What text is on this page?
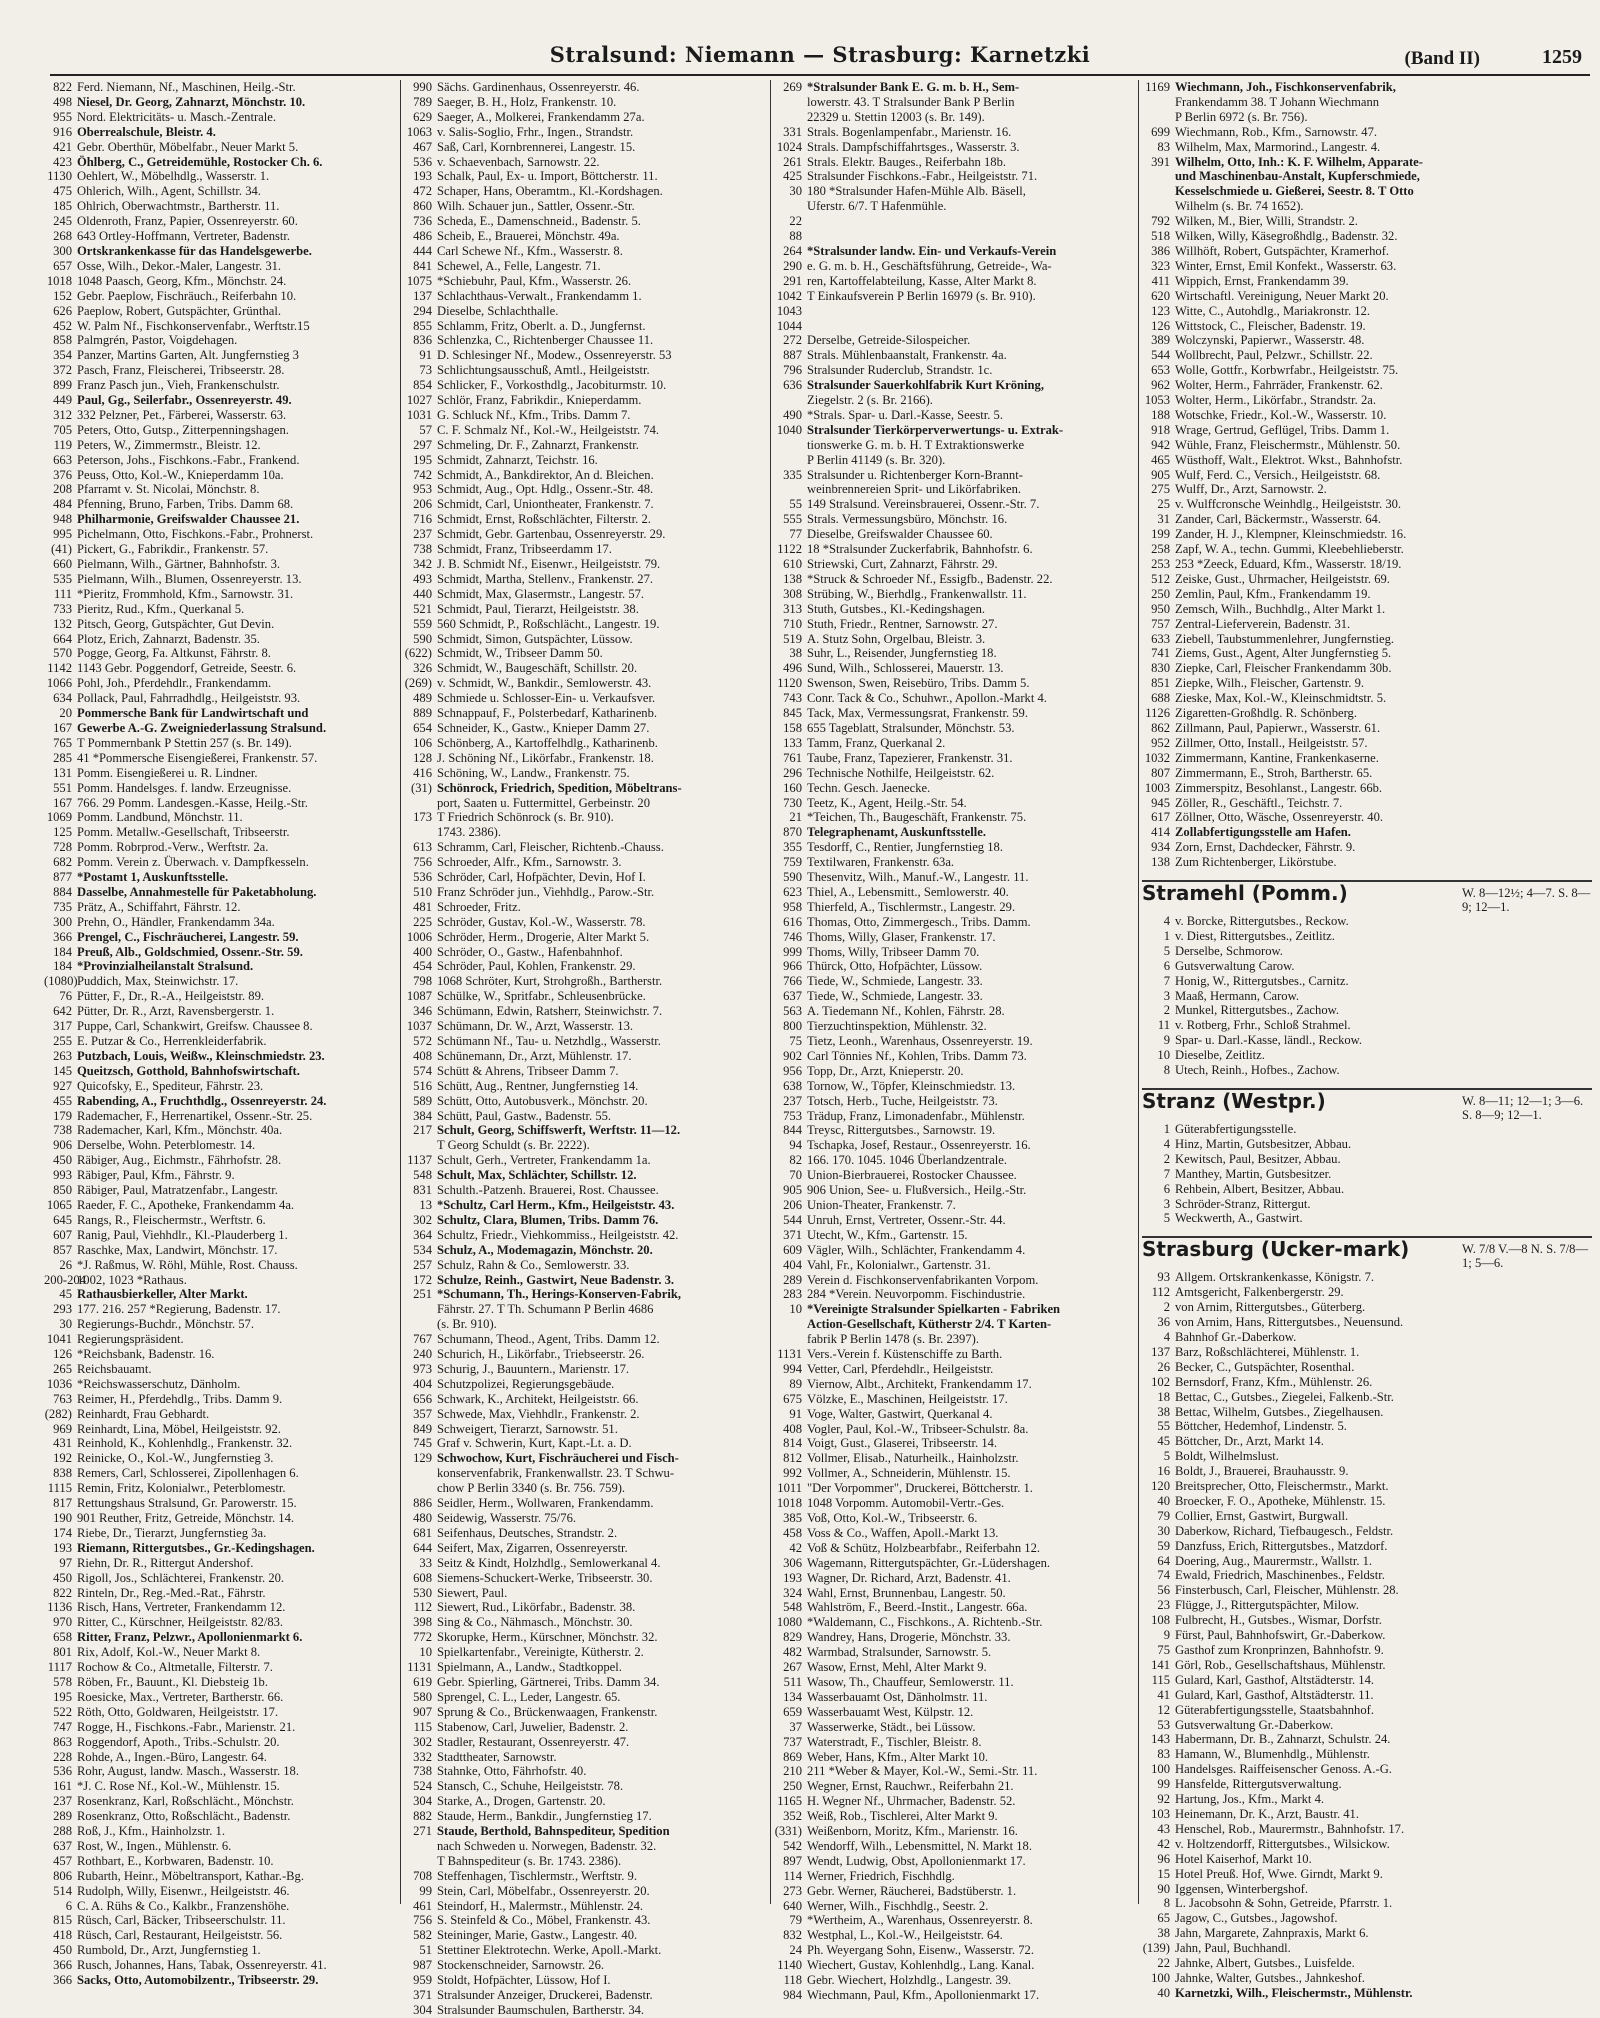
Stralsund: Niemann — Strasburg: Karnetzki	(Band II)	1259
822 Ferd. Niemann, Nf., Maschinen, Heilg.-Str.
498 Niesel, Dr. Georg, Zahnarzt, Mönchstr. 10.
955 Nord. Elektricitäts- u. Masch.-Zentrale.
916 Oberrealschule, Bleistr. 4.
421 Gebr. Oberthür, Möbelfabr., Neuer Markt 5.
423 Öhlberg, C., Getreidemühle, Rostocker Ch. 6.
1130 Oehlert, W., Möbelhdlg., Wasserstr. 1.
475 Ohlerich, Wilh., Agent, Schillstr. 34.
185 Ohlrich, Oberwachtmstr., Bartherstr. 11.
245 Oldenroth, Franz, Papier, Ossenreyerstr. 60.
268 643 Ortley-Hoffmann, Vertreter, Badenstr.
300 Ortskrankenkasse für das Handelsgewerbe.
657 Osse, Wilh., Dekor.-Maler, Langestr. 31.
1018 1048 Paasch, Georg, Kfm., Mönchstr. 24.
152 Gebr. Paeplow, Fischräuch., Reiferbahn 10.
626 Paeplow, Robert, Gutspächter, Grünthal.
452 W. Palm Nf., Fischkonservenfabr., Werftstr.15
858 Palmgrén, Pastor, Voigdehagen.
354 Panzer, Martins Garten, Alt. Jungfernstieg 3
372 Pasch, Franz, Fleischerei, Tribseerstr. 28.
899 Franz Pasch jun., Vieh, Frankenschulstr.
449 Paul, Gg., Seilerfabr., Ossenreyerstr. 49.
312 332 Pelzner, Pet., Färberei, Wasserstr. 63.
705 Peters, Otto, Gutsp., Zitterpenningshagen.
119 Peters, W., Zimmermstr., Bleistr. 12.
663 Peterson, Johs., Fischkons.-Fabr., Frankend.
376 Peuss, Otto, Kol.-W., Knieperdamm 10a.
208 Pfarramt v. St. Nicolai, Mönchstr. 8.
484 Pfenning, Bruno, Farben, Tribs. Damm 68.
948 Philharmonie, Greifswalder Chaussee 21.
995 Pichelmann, Otto, Fischkons.-Fabr., Prohnerst.
(41) Pickert, G., Fabrikdir., Frankenstr. 57.
660 Pielmann, Wilh., Gärtner, Bahnhofstr. 3.
535 Pielmann, Wilh., Blumen, Ossenreyerstr. 13.
111 *Pieritz, Frommhold, Kfm., Sarnowstr. 31.
733 Pieritz, Rud., Kfm., Querkanal 5.
132 Pitsch, Georg, Gutspächter, Gut Devin.
664 Plotz, Erich, Zahnarzt, Badenstr. 35.
570 Pogge, Georg, Fa. Altkunst, Fährstr. 8.
1142 1143 Gebr. Poggendorf, Getreide, Seestr. 6.
1066 Pohl, Joh., Pferdehdlr., Frankendamm.
634 Pollack, Paul, Fahrradhdlg., Heilgeiststr. 93.
20 Pommersche Bank für Landwirtschaft und
167 Gewerbe A.-G. Zweigniederlassung Stralsund.
765 T Pommernbank P Stettin 257 (s. Br. 149).
285 41 *Pommersche Eisengießerei, Frankenstr. 57.
131 Pomm. Eisengießerei u. R. Lindner.
551 Pomm. Handelsges. f. landw. Erzeugnisse.
167 766. 29 Pomm. Landesgen.-Kasse, Heilg.-Str.
1069 Pomm. Landbund, Mönchstr. 11.
125 Pomm. Metallw.-Gesellschaft, Tribseerstr.
728 Pomm. Robrprod.-Verw., Werftstr. 2a.
682 Pomm. Verein z. Überwach. v. Dampfkesseln.
877 *Postamt 1, Auskunftsstelle.
884 Dasselbe, Annahmestelle für Paketabholung.
735 Prätz, A., Schiffahrt, Fährstr. 12.
300 Prehn, O., Händler, Frankendamm 34a.
366 Prengel, C., Fischräucherei, Langestr. 59.
184 Preuß, Alb., Goldschmied, Ossenr.-Str. 59.
184 *Provinzialheilanstalt Stralsund.
(1080) Puddich, Max, Steinwichstr. 17.
76 Pütter, F., Dr., R.-A., Heilgeiststr. 89.
642 Pütter, Dr. R., Arzt, Ravensbergerstr. 1.
317 Puppe, Carl, Schankwirt, Greifsw. Chaussee 8.
255 E. Putzar & Co., Herrenkleiderfabrik.
263 Putzbach, Louis, Weißw., Kleinschmiedstr. 23.
145 Queitzsch, Gotthold, Bahnhofswirtschaft.
927 Quicofsky, E., Spediteur, Fährstr. 23.
455 Rabending, A., Fruchthdlg., Ossenreyerstr. 24.
179 Rademacher, F., Herrenartikel, Ossenr.-Str. 25.
738 Rademacher, Karl, Kfm., Mönchstr. 40a.
906 Derselbe, Wohn. Peterblomestr. 14.
450 Räbiger, Aug., Eichmstr., Fährhofstr. 28.
993 Räbiger, Paul, Kfm., Fährstr. 9.
850 Räbiger, Paul, Matratzenfabr., Langestr.
1065 Raeder, F. C., Apotheke, Frankendamm 4a.
645 Rangs, R., Fleischermstr., Werftstr. 6.
607 Ranig, Paul, Viehhdlr., Kl.-Plauderberg 1.
857 Raschke, Max, Landwirt, Mönchstr. 17.
26 *J. Raßmus, W. Röhl, Mühle, Rost. Chauss.
200-204
1002, 1023 *Rathaus.
45 Rathausbierkeller, Alter Markt.
293 177. 216. 257 *Regierung, Badenstr. 17.
30 Regierungs-Buchdr., Mönchstr. 57.
1041 Regierungspräsident.
126 *Reichsbank, Badenstr. 16.
265 Reichsbauamt.
1036 *Reichswasserschutz, Dänholm.
763 Reimer, H., Pferdehdlg., Tribs. Damm 9.
(282) Reinhardt, Frau Gebhardt.
969 Reinhardt, Lina, Möbel, Heilgeiststr. 92.
431 Reinhold, K., Kohlenhdlg., Frankenstr. 32.
192 Reinicke, O., Kol.-W., Jungfernstieg 3.
838 Remers, Carl, Schlosserei, Zipollenhagen 6.
1115 Remin, Fritz, Kolonialwr., Peterblomestr.
817 Rettungshaus Stralsund, Gr. Parowerstr. 15.
190 901 Reuther, Fritz, Getreide, Mönchstr. 14.
174 Riebe, Dr., Tierarzt, Jungfernstieg 3a.
193 Riemann, Rittergutsbes., Gr.-Kedingshagen.
97 Riehn, Dr. R., Rittergut Andershof.
450 Rigoll, Jos., Schlächterei, Frankenstr. 20.
822 Rinteln, Dr., Reg.-Med.-Rat., Fährstr.
1136 Risch, Hans, Vertreter, Frankendamm 12.
970 Ritter, C., Kürschner, Heilgeiststr. 82/83.
658 Ritter, Franz, Pelzwr., Apollonienmarkt 6.
801 Rix, Adolf, Kol.-W., Neuer Markt 8.
1117 Rochow & Co., Altmetalle, Filterstr. 7.
578 Röben, Fr., Bauunt., Kl. Diebsteig 1b.
195 Roesicke, Max., Vertreter, Bartherstr. 66.
522 Röth, Otto, Goldwaren, Heilgeiststr. 17.
747 Rogge, H., Fischkons.-Fabr., Marienstr. 21.
863 Roggendorf, Apoth., Tribs.-Schulstr. 20.
228 Rohde, A., Ingen.-Büro, Langestr. 64.
536 Rohr, August, landw. Masch., Wasserstr. 18.
161 *J. C. Rose Nf., Kol.-W., Mühlenstr. 15.
237 Rosenkranz, Karl, Roßschlächt., Mönchstr.
289 Rosenkranz, Otto, Roßschlächt., Badenstr.
288 Roß, J., Kfm., Hainholzstr. 1.
637 Rost, W., Ingen., Mühlenstr. 6.
457 Rothbart, E., Korbwaren, Badenstr. 10.
806 Rubarth, Heinr., Möbeltransport, Kathar.-Bg.
514 Rudolph, Willy, Eisenwr., Heilgeiststr. 46.
6 C. A. Rühs & Co., Kalkbr., Franzenshöhe.
815 Rüsch, Carl, Bäcker, Tribseerschulstr. 11.
418 Rüsch, Carl, Restaurant, Heilgeiststr. 56.
450 Rumbold, Dr., Arzt, Jungfernstieg 1.
366 Rusch, Johannes, Hans, Tabak, Ossenreyerstr. 41.
366 Sacks, Otto, Automobilzentr., Tribseerstr. 29.
990 Sächs. Gardinenhaus, Ossenreyerstr. 46.
789 Saeger, B. H., Holz, Frankenstr. 10.
629 Saeger, A., Molkerei, Frankendamm 27a.
1063 v. Salis-Soglio, Frhr., Ingen., Strandstr.
467 Saß, Carl, Kornbrennerei, Langestr. 15.
536 v. Schaevenbach, Sarnowstr. 22.
193 Schalk, Paul, Ex- u. Import, Böttcherstr. 11.
472 Schaper, Hans, Oberamtm., Kl.-Kordshagen.
860 Wilh. Schauer jun., Sattler, Ossenr.-Str.
736 Scheda, E., Damenschneid., Badenstr. 5.
486 Scheib, E., Brauerei, Mönchstr. 49a.
444 Carl Schewe Nf., Kfm., Wasserstr. 8.
841 Schewel, A., Felle, Langestr. 71.
1075 *Schiebuhr, Paul, Kfm., Wasserstr. 26.
137 Schlachthaus-Verwalt., Frankendamm 1.
294 Dieselbe, Schlachthalle.
855 Schlamm, Fritz, Oberlt. a. D., Jungfernst.
836 Schlenzka, C., Richtenberger Chaussee 11.
91 D. Schlesinger Nf., Modew., Ossenreyerstr. 53
73 Schlichtungsausschuß, Amtl., Heilgeiststr.
854 Schlicker, F., Vorkosthdlg., Jacobiturmstr. 10.
1027 Schlör, Franz, Fabrikdir., Knieperdamm.
1031 G. Schluck Nf., Kfm., Tribs. Damm 7.
57 C. F. Schmalz Nf., Kol.-W., Heilgeiststr. 74.
297 Schmeling, Dr. F., Zahnarzt, Frankenstr.
195 Schmidt, Zahnarzt, Teichstr. 16.
742 Schmidt, A., Bankdirektor, An d. Bleichen.
953 Schmidt, Aug., Opt. Hdlg., Ossenr.-Str. 48.
206 Schmidt, Carl, Unionthеater, Frankenstr. 7.
716 Schmidt, Ernst, Roßschlächter, Filterstr. 2.
237 Schmidt, Gebr. Gartenbau, Ossenreyerstr. 29.
738 Schmidt, Franz, Tribseerdamm 17.
342 J. B. Schmidt Nf., Eisenwr., Heilgeiststr. 79.
493 Schmidt, Martha, Stellenv., Frankenstr. 27.
440 Schmidt, Max, Glasermstr., Langestr. 57.
521 Schmidt, Paul, Tierarzt, Heilgeiststr. 38.
559 560 Schmidt, P., Roßschlächt., Langestr. 19.
590 Schmidt, Simon, Gutspächter, Lüssow.
(622) Schmidt, W., Tribseer Damm 50.
326 Schmidt, W., Baugeschäft, Schillstr. 20.
(269) v. Schmidt, W., Bankdir., Semlowerstr. 43.
489 Schmiede u. Schlosser-Ein- u. Verkaufsver.
889 Schnappauf, F., Polsterbedarf, Katharinenb.
654 Schneider, K., Gastw., Knieper Damm 27.
106 Schönberg, A., Kartoffelhdlg., Katharinenb.
128 J. Schöning Nf., Likörfabr., Frankenstr. 18.
416 Schöning, W., Landw., Frankenstr. 75.
(31) Schönrock, Friedrich, Spedition, Möbeltrans-
port, Saaten u. Futtermittel, Gerbeinstr. 20
173 T Friedrich Schönrock (s. Br. 910).
1743. 2386).
613 Schramm, Carl, Fleischer, Richtenb.-Chauss.
756 Schroeder, Alfr., Kfm., Sarnowstr. 3.
536 Schröder, Carl, Hofpächter, Devin, Hof I.
510 Franz Schröder jun., Viehhdlg., Parow.-Str.
481 Schroeder, Fritz.
225 Schröder, Gustav, Kol.-W., Wasserstr. 78.
1006 Schröder, Herm., Drogerie, Alter Markt 5.
400 Schröder, O., Gastw., Hafenbahnhof.
454 Schröder, Paul, Kohlen, Frankenstr. 29.
798 1068 Schröter, Kurt, Strohgroßh., Bartherstr.
1087 Schülke, W., Spritfabr., Schleusenbrücke.
346 Schümann, Edwin, Ratsherr, Steinwichstr. 7.
1037 Schümann, Dr. W., Arzt, Wasserstr. 13.
572 Schümann Nf., Tau- u. Netzhdlg., Wasserstr.
408 Schünemann, Dr., Arzt, Mühlenstr. 17.
574 Schütt & Ahrens, Tribseer Damm 7.
516 Schütt, Aug., Rentner, Jungfernstieg 14.
589 Schütt, Otto, Autobusverk., Mönchstr. 20.
384 Schütt, Paul, Gastw., Badenstr. 55.
217 Schult, Georg, Schiffswerft, Werftstr. 11—12.
T Georg Schuldt (s. Br. 2222).
1137 Schult, Gerh., Vertreter, Frankendamm 1a.
548 Schult, Max, Schlächter, Schillstr. 12.
831 Schulth.-Patzenh. Brauerei, Rost. Chaussee.
13 *Schultz, Carl Herm., Kfm., Heilgeiststr. 43.
302 Schultz, Clara, Blumen, Tribs. Damm 76.
364 Schultz, Friedr., Viehkommiss., Heilgeiststr. 42.
534 Schulz, A., Modemagazin, Mönchstr. 20.
257 Schulz, Rahn & Co., Semlowerstr. 33.
172 Schulze, Reinh., Gastwirt, Neue Badenstr. 3.
251 *Schumann, Th., Herings-Konserven-Fabrik,
Fährstr. 27. T Th. Schumann P Berlin 4686
(s. Br. 910).
767 Schumann, Theod., Agent, Tribs. Damm 12.
240 Schurich, H., Likörfabr., Triebseerstr. 26.
973 Schurig, J., Bauuntern., Marienstr. 17.
404 Schutzpolizei, Regierungsgebäude.
656 Schwark, K., Architekt, Heilgeiststr. 66.
357 Schwede, Max, Viehhdlr., Frankenstr. 2.
849 Schweigert, Tierarzt, Sarnowstr. 51.
745 Graf v. Schwerin, Kurt, Kapt.-Lt. a. D.
129 Schwochow, Kurt, Fischräucherei und Fisch-
konservenfabrik, Frankenwallstr. 23. T Schwu-
chow P Berlin 3340 (s. Br. 756. 759).
886 Seidler, Herm., Wollwaren, Frankendamm.
480 Seidewig, Wasserstr. 75/76.
681 Seifenhaus, Deutsches, Strandstr. 2.
644 Seifert, Max, Zigarren, Ossenreyerstr.
33 Seitz & Kindt, Holzhdlg., Semlowerkanal 4.
608 Siemens-Schuckert-Werke, Tribseerstr. 30.
530 Siewert, Paul.
112 Siewert, Rud., Likörfabr., Badenstr. 38.
398 Sing & Co., Nähmasch., Mönchstr. 30.
772 Skorupke, Herm., Kürschner, Mönchstr. 32.
10 Spielkartenfabr., Vereinigte, Kütherstr. 2.
1131 Spielmann, A., Landw., Stadtkoppel.
619 Gebr. Spierling, Gärtnerei, Tribs. Damm 34.
580 Sprengel, C. L., Leder, Langestr. 65.
907 Sprung & Co., Brückenwaagen, Frankenstr.
115 Stabenow, Carl, Juwelier, Badenstr. 2.
302 Stadler, Restaurant, Ossenreyerstr. 47.
332 Stadttheater, Sarnowstr.
738 Stahnke, Otto, Fährhofstr. 40.
524 Stansch, C., Schuhe, Heilgeiststr. 78.
304 Starke, A., Drogen, Gartenstr. 20.
882 Staude, Herm., Bankdir., Jungfernstieg 17.
271 Staude, Berthold, Bahnspediteur, Spedition
nach Schweden u. Norwegen, Badenstr. 32.
T Bahnspediteur (s. Br. 1743. 2386).
708 Steffenhagen, Tischlermstr., Werftstr. 9.
99 Stein, Carl, Möbelfabr., Ossenreyerstr. 20.
461 Steindorf, H., Malermstr., Mühlenstr. 24.
756 S. Steinfeld & Co., Möbel, Frankenstr. 43.
582 Steininger, Marie, Gastw., Langestr. 40.
51 Stettiner Elektrotechn. Werke, Apoll.-Markt.
987 Stockenschneider, Sarnowstr. 26.
959 Stoldt, Hofpächter, Lüssow, Hof I.
371 Stralsunder Anzeiger, Druckerei, Badenstr.
304 Stralsunder Baumschulen, Bartherstr. 34.
269 *Stralsunder Bank E. G. m. b. H., Sem-
lowerstr. 43. T Stralsunder Bank P Berlin
22329 u. Stettin 12003 (s. Br. 149).
331 Strals. Bogenlampenfabr., Marienstr. 16.
1024 Strals. Dampfschiffahrtsges., Wasserstr. 3.
261 Strals. Elektr. Bauges., Reiferbahn 18b.
425 Stralsunder Fischkons.-Fabr., Heilgeiststr. 71.
30 180 *Stralsunder Hafen-Mühle Alb. Bäsell,
Uferstr. 6/7. T Hafenmühle.
22
88
264 *Stralsunder landw. Ein- und Verkaufs-Verein
290 e. G. m. b. H., Geschäftsführung, Getreide-, Wa-
291 ren, Kartoffelabteilung, Kasse, Alter Markt 8.
1042 T Einkaufsverein P Berlin 16979 (s. Br. 910).
1043
1044
272 Derselbe, Getreide-Silospeicher.
887 Strals. Mühlenbaanstalt, Frankenstr. 4a.
796 Stralsunder Ruderclub, Strandstr. 1c.
636 Stralsunder Sauerkohlfabrik Kurt Kröning,
Ziegelstr. 2 (s. Br. 2166).
490 *Strals. Spar- u. Darl.-Kasse, Seestr. 5.
1040 Stralsunder Tierkörperverwertungs- u. Extrak-
tionswerke G. m. b. H. T Extraktionswerke
P Berlin 41149 (s. Br. 320).
335 Stralsunder u. Richtenberger Korn-Brannt-
weinbrennereien Sprit- und Likörfabriken.
55 149 Stralsund. Vereinsbrauerei, Ossenr.-Str. 7.
555 Strals. Vermessungsbüro, Mönchstr. 16.
77 Dieselbe, Greifswalder Chaussee 60.
1122 18 *Stralsunder Zuckerfabrik, Bahnhofstr. 6.
610 Striewski, Curt, Zahnarzt, Fährstr. 29.
138 *Struck & Schroeder Nf., Essigfb., Badenstr. 22.
308 Strübing, W., Bierhdlg., Frankenwallstr. 11.
313 Stuth, Gutsbes., Kl.-Kedingshagen.
710 Stuth, Friedr., Rentner, Sarnowstr. 27.
519 A. Stutz Sohn, Orgelbau, Bleistr. 3.
38 Suhr, L., Reisender, Jungfernstieg 18.
496 Sund, Wilh., Schlosserei, Mauerstr. 13.
1120 Swenson, Swen, Reisebüro, Tribs. Damm 5.
743 Conr. Tack & Co., Schuhwr., Apollon.-Markt 4.
845 Tack, Max, Vermessungsrat, Frankenstr. 59.
158 655 Tageblatt, Stralsunder, Mönchstr. 53.
133 Tamm, Franz, Querkanal 2.
761 Taube, Franz, Tapezierer, Frankenstr. 31.
296 Technische Nothilfe, Heilgeiststr. 62.
160 Techn. Gesch. Jaenecke.
730 Teetz, K., Agent, Heilg.-Str. 54.
21 *Teichen, Th., Baugeschäft, Frankenstr. 75.
870 Telegraphenamt, Auskunftsstelle.
355 Tesdorff, C., Rentier, Jungfernstieg 18.
759 Textilwaren, Frankenstr. 63a.
590 Thesenvitz, Wilh., Manuf.-W., Langestr. 11.
623 Thiel, A., Lebensmitt., Semlowerstr. 40.
958 Thierfeld, A., Tischlermstr., Langestr. 29.
616 Thomas, Otto, Zimmergesch., Tribs. Damm.
746 Thoms, Willy, Glaser, Frankenstr. 17.
999 Thoms, Willy, Tribseer Damm 70.
966 Thürck, Otto, Hofpächter, Lüssow.
766 Tiede, W., Schmiede, Langestr. 33.
637 Tiede, W., Schmiede, Langestr. 33.
563 A. Tiedemann Nf., Kohlen, Fährstr. 28.
800 Tierzuchtinspektion, Mühlenstr. 32.
75 Tietz, Leonh., Warenhaus, Ossenreyerstr. 19.
902 Carl Tönnies Nf., Kohlen, Tribs. Damm 73.
956 Topp, Dr., Arzt, Knieperstr. 20.
638 Tornow, W., Töpfer, Kleinschmiedstr. 13.
237 Totsch, Herb., Tuche, Heilgeiststr. 73.
753 Trädup, Franz, Limonadenfabr., Mühlenstr.
844 Treysc, Rittergutsbes., Sarnowstr. 19.
94 Tschapka, Josef, Restaur., Ossenreyerstr. 16.
82 166. 170. 1045. 1046 Überlandzentrale.
70 Union-Bierbrauerei, Rostocker Chaussee.
905 906 Union, See- u. Flußversich., Heilg.-Str.
206 Union-Theater, Frankenstr. 7.
544 Unruh, Ernst, Vertreter, Ossenr.-Str. 44.
371 Utecht, W., Kfm., Gartenstr. 15.
609 Vägler, Wilh., Schlächter, Frankendamm 4.
404 Vahl, Fr., Kolonialwr., Gartenstr. 31.
289 Verein d. Fischkonservenfabrikanten Vorpom.
283 284 *Verein. Neuvorpomm. Fischindustrie.
10 *Vereinigte Stralsunder Spielkarten - Fabriken
Action-Gesellschaft, Kütherstr 2/4. T Karten-
fabrik P Berlin 1478 (s. Br. 2397).
1131 Vers.-Verein f. Küstenschiffe zu Barth.
994 Vetter, Carl, Pferdehdlr., Heilgeiststr.
89 Viernow, Albt., Architekt, Frankendamm 17.
675 Völzke, E., Maschinen, Heilgeiststr. 17.
91 Voge, Walter, Gastwirt, Querkanal 4.
408 Vogler, Paul, Kol.-W., Tribseer-Schulstr. 8a.
814 Voigt, Gust., Glaserei, Tribseerstr. 14.
812 Vollmer, Elisab., Naturheilk., Hainholzstr.
992 Vollmer, A., Schneiderin, Mühlenstr. 15.
1011 "Der Vorpommer", Druckerei, Böttcherstr. 1.
1018 1048 Vorpomm. Automobil-Vertr.-Ges.
385 Voß, Otto, Kol.-W., Tribseerstr. 6.
458 Voss & Co., Waffen, Apoll.-Markt 13.
42 Voß & Schütz, Holzbearbfabr., Reiferbahn 12.
306 Wagemann, Rittergutspächter, Gr.-Lüdershagen.
193 Wagner, Dr. Richard, Arzt, Badenstr. 41.
324 Wahl, Ernst, Brunnenbau, Langestr. 50.
548 Wahlström, F., Beerd.-Instit., Langestr. 66a.
1080 *Waldemann, C., Fischkons., A. Richtenb.-Str.
829 Wandrey, Hans, Drogerie, Mönchstr. 33.
482 Warmbad, Stralsunder, Sarnowstr. 5.
267 Wasow, Ernst, Mehl, Alter Markt 9.
511 Wasow, Th., Chauffeur, Semlowerstr. 11.
134 Wasserbauamt Ost, Dänholmstr. 11.
659 Wasserbauamt West, Külpstr. 12.
37 Wasserwerke, Städt., bei Lüssow.
737 Waterstradt, F., Tischler, Bleistr. 8.
869 Weber, Hans, Kfm., Alter Markt 10.
210 211 *Weber & Mayer, Kol.-W., Semi.-Str. 11.
250 Wegner, Ernst, Rauchwr., Reiferbahn 21.
1165 H. Wegner Nf., Uhrmacher, Badenstr. 52.
352 Weiß, Rob., Tischlerei, Alter Markt 9.
(331) Weißenborn, Moritz, Kfm., Marienstr. 16.
542 Wendorff, Wilh., Lebensmittel, N. Markt 18.
897 Wendt, Ludwig, Obst, Apollonienmarkt 17.
114 Werner, Friedrich, Fischhdlg.
273 Gebr. Werner, Räucherei, Badstüberstr. 1.
640 Werner, Wilh., Fischhdlg., Seestr. 2.
79 *Wertheim, A., Warenhaus, Ossenreyerstr. 8.
832 Westphal, L., Kol.-W., Heilgeiststr. 64.
24 Ph. Weyergang Sohn, Eisenw., Wasserstr. 72.
1140 Wiechert, Gustav, Kohlenhdlg., Lang. Kanal.
118 Gebr. Wiechert, Holzhdlg., Langestr. 39.
984 Wiechmann, Paul, Kfm., Apollonienmarkt 17.
1169 Wiechmann, Joh., Fischkonservenfabrik,
Frankendamm 38. T Johann Wiechmann
P Berlin 6972 (s. Br. 756).
699 Wiechmann, Rob., Kfm., Sarnowstr. 47.
83 Wilhelm, Max, Marmorind., Langestr. 4.
391 Wilhelm, Otto, Inh.: K. F. Wilhelm, Apparate-
und Maschinenbau-Anstalt, Kupferschmiede,
Kesselschmiede u. Gießerei, Seestr. 8. T Otto
Wilhelm (s. Br. 74 1652).
792 Wilken, M., Bier, Willi, Strandstr. 2.
518 Wilken, Willy, Käsegroßhdlg., Badenstr. 32.
386 Willhöft, Robert, Gutspächter, Kramerhof.
323 Winter, Ernst, Emil Konfekt., Wasserstr. 63.
411 Wippich, Ernst, Frankendamm 39.
620 Wirtschaftl. Vereinigung, Neuer Markt 20.
123 Witte, C., Autohdlg., Mariakronstr. 12.
126 Wittstock, C., Fleischer, Badenstr. 19.
389 Wolczynski, Papierwr., Wasserstr. 48.
544 Wollbrecht, Paul, Pelzwr., Schillstr. 22.
653 Wolle, Gottfr., Korbwrfabr., Heilgeiststr. 75.
962 Wolter, Herm., Fahrräder, Frankenstr. 62.
1053 Wolter, Herm., Likörfabr., Strandstr. 2a.
188 Wotschke, Friedr., Kol.-W., Wasserstr. 10.
918 Wrage, Gertrud, Geflügel, Tribs. Damm 1.
942 Wühle, Franz, Fleischermstr., Mühlenstr. 50.
465 Wüsthoff, Walt., Elektrot. Wkst., Bahnhofstr.
905 Wulf, Ferd. C., Versich., Heilgeiststr. 68.
275 Wulff, Dr., Arzt, Sarnowstr. 2.
25 v. Wulffcronsche Weinhdlg., Heilgeiststr. 30.
31 Zander, Carl, Bäckermstr., Wasserstr. 64.
199 Zander, H. J., Klempner, Kleinschmiedstr. 16.
258 Zapf, W. A., techn. Gummi, Kleebehlieberstr.
253 253 *Zeeck, Eduard, Kfm., Wasserstr. 18/19.
512 Zeiske, Gust., Uhrmacher, Heilgeiststr. 69.
250 Zemlin, Paul, Kfm., Frankendamm 19.
950 Zemsch, Wilh., Buchhdlg., Alter Markt 1.
757 Zentral-Lieferverein, Badenstr. 31.
633 Ziebell, Taubstummenlehrer, Jungfernstieg.
741 Ziems, Gust., Agent, Alter Jungfernstieg 5.
830 Ziepke, Carl, Fleischer Frankendamm 30b.
851 Ziepke, Wilh., Fleischer, Gartenstr. 9.
688 Zieske, Max, Kol.-W., Kleinschmidtstr. 5.
1126 Zigaretten-Großhdlg. R. Schönberg.
862 Zillmann, Paul, Papierwr., Wasserstr. 61.
952 Zillmer, Otto, Install., Heilgeiststr. 57.
1032 Zimmermann, Kantine, Frankenkaserne.
807 Zimmermann, E., Stroh, Bartherstr. 65.
1003 Zimmerspitz, Besohlanst., Langestr. 66b.
945 Zöller, R., Geschäftl., Teichstr. 7.
617 Zöllner, Otto, Wäsche, Ossenreyerstr. 40.
414 Zollabfertigungsstelle am Hafen.
934 Zorn, Ernst, Dachdecker, Fährstr. 9.
138 Zum Richtenberger, Likörstube.
Stramehl (Pomm.)	W. 8—12½; 4—7. S. 8—9; 12—1.
4 v. Borcke, Rittergutsbes., Reckow.
1 v. Diest, Rittergutsbes., Zeitlitz.
5 Derselbe, Schmorow.
6 Gutsverwaltung Carow.
7 Honig, W., Rittergutsbes., Carnitz.
3 Maaß, Hermann, Carow.
2 Munkel, Rittergutsbes., Zachow.
11 v. Rotberg, Frhr., Schloß Strahmel.
9 Spar- u. Darl.-Kasse, ländl., Reckow.
10 Dieselbe, Zeitlitz.
8 Utech, Reinh., Hofbes., Zachow.
Stranz (Westpr.)	W. 8—11; 12—1; 3—6. S. 8—9; 12—1.
1 Güterabfertigungsstelle.
4 Hinz, Martin, Gutsbesitzer, Abbau.
2 Kewitsch, Paul, Besitzer, Abbau.
7 Manthey, Martin, Gutsbesitzer.
6 Rehbein, Albert, Besitzer, Abbau.
3 Schröder-Stranz, Rittergut.
5 Weckwerth, A., Gastwirt.
Strasburg (Ucker-mark)	W. 7/8 V.—8 N. S. 7/8—1; 5—6.
93 Allgem. Ortskrankenkasse, Königstr. 7.
112 Amtsgericht, Falkenbergerstr. 29.
2 von Arnim, Rittergutsbes., Güterberg.
36 von Arnim, Hans, Rittergutsbes., Neuensund.
4 Bahnhof Gr.-Daberkow.
137 Barz, Roßschlächterei, Mühlenstr. 1.
26 Becker, C., Gutspächter, Rosenthal.
102 Bernsdorf, Franz, Kfm., Mühlenstr. 26.
18 Bettac, C., Gutsbes., Ziegelei, Falkenb.-Str.
38 Bettac, Wilhelm, Gutsbes., Ziegelhausen.
55 Böttcher, Hedemhof, Lindenstr. 5.
45 Böttcher, Dr., Arzt, Markt 14.
5 Boldt, Wilhelmslust.
16 Boldt, J., Brauerei, Brauhausstr. 9.
120 Breitsprecher, Otto, Fleischermstr., Markt.
40 Broecker, F. O., Apotheke, Mühlenstr. 15.
79 Collier, Ernst, Gastwirt, Burgwall.
30 Daberkow, Richard, Tiefbaugesch., Feldstr.
59 Danzfuss, Erich, Rittergutsbes., Matzdorf.
64 Doering, Aug., Maurermstr., Wallstr. 1.
74 Ewald, Friedrich, Maschinenbes., Feldstr.
56 Finsterbusch, Carl, Fleischer, Mühlenstr. 28.
23 Flügge, J., Rittergutspächter, Milow.
108 Fulbrecht, H., Gutsbes., Wismar, Dorfstr.
9 Fürst, Paul, Bahnhofswirt, Gr.-Daberkow.
75 Gasthof zum Kronprinzen, Bahnhofstr. 9.
141 Görl, Rob., Gesellschaftshaus, Mühlenstr.
115 Gulard, Karl, Gasthof, Altstädterstr. 14.
41 Gulard, Karl, Gasthof, Altstädterstr. 11.
12 Güterabfertigungsstelle, Staatsbahnhof.
53 Gutsverwaltung Gr.-Daberkow.
143 Habermann, Dr. B., Zahnarzt, Schulstr. 24.
83 Hamann, W., Blumenhdlg., Mühlenstr.
100 Handelsges. Raiffeisenscher Genoss. A.-G.
99 Hansfelde, Rittergutsverwaltung.
92 Hartung, Jos., Kfm., Markt 4.
103 Heinemann, Dr. K., Arzt, Baustr. 41.
43 Henschel, Rob., Maurermstr., Bahnhofstr. 17.
42 v. Holtzendorff, Rittergutsbes., Wilsickow.
96 Hotel Kaiserhof, Markt 10.
15 Hotel Preuß. Hof, Wwe. Girndt, Markt 9.
90 Iggensen, Winterbergshof.
8 L. Jacobsohn & Sohn, Getreide, Pfarrstr. 1.
65 Jagow, C., Gutsbes., Jagowshof.
38 Jahn, Margarete, Zahnpraxis, Markt 6.
(139) Jahn, Paul, Buchhandl.
22 Jahnke, Albert, Gutsbes., Luisfelde.
100 Jahnke, Walter, Gutsbes., Jahnkeshof.
40 Karnetzki, Wilh., Fleischermstr., Mühlenstr.
